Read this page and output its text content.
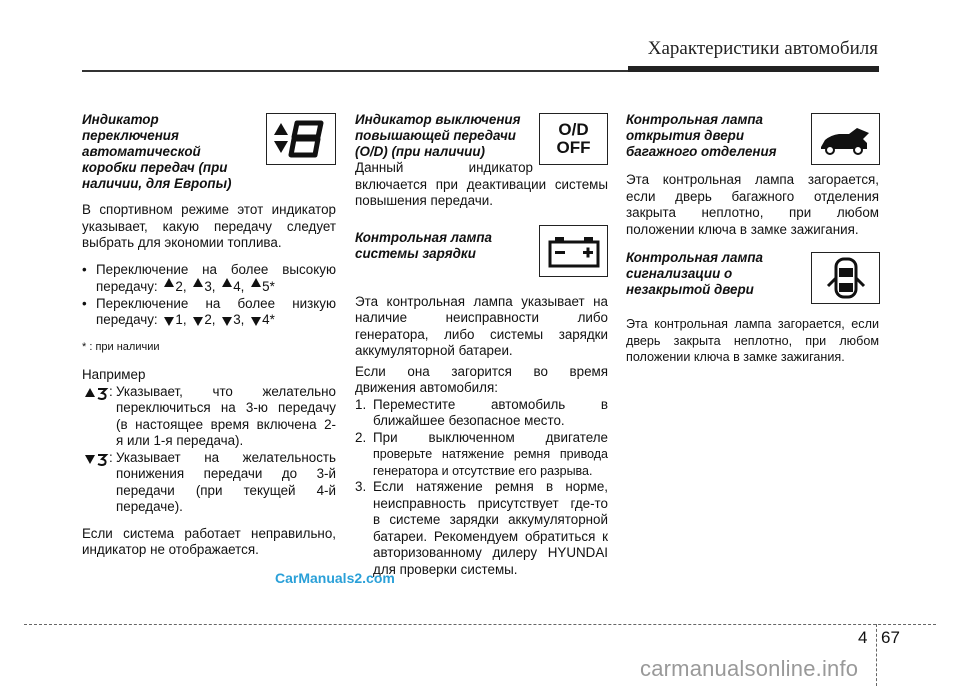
Характеристики автомобиля
Индикатор
переключения
автоматической
коробки передач (при
наличии, для Европы)

В спортивном режиме этот индикатор
указывает, какую передачу следует
выбрать для экономии топлива.

• Переключение на более высокую
передачу: 2, 3, 4, 5*
• Переключение на более низкую
передачу: 1, 2, 3, 4*
* : при наличии
Например
: Указывает, что желательно
переключиться на 3-ю передачу
(в настоящее время включена 2-
я или 1-я передача).
: Указывает на желательность
понижения передачи до 3-й
передачи (при текущей 4-й
передаче).

Если система работает неправильно,
индикатор не отображается.

Индикатор выключения
повышающей передачи
(O/D) (при наличии)

Данный индикатор
включается при деактивации системы
повышения передачи.

Контрольная лампа
системы зарядки

Эта контрольная лампа указывает на
наличие неисправности либо
генератора, либо системы зарядки
аккумуляторной батареи.

Если она загорится во время
движения автомобиля:

1. Переместите автомобиль в
ближайшее безопасное место.
2. При выключенном двигателе
проверьте натяжение ремня привода
генератора и отсутствие его разрыва.
3. Если натяжение ремня в норме,
неисправность присутствует где-то
в системе зарядки аккумуляторной
батареи. Рекомендуем обратиться к
авторизованному дилеру HYUNDAI
для проверки системы.
O/D
OFF
Контрольная лампа
открытия двери
багажного отделения

Эта контрольная лампа загорается,
если дверь багажного отделения
закрыта неплотно, при любом
положении ключа в замке зажигания.

Контрольная лампа
сигнализации о
незакрытой двери

Эта контрольная лампа загорается, если
дверь закрыта неплотно, при любом
положении ключа в замке зажигания.

CarManuals2.com
4 67
carmanualsonline.info
